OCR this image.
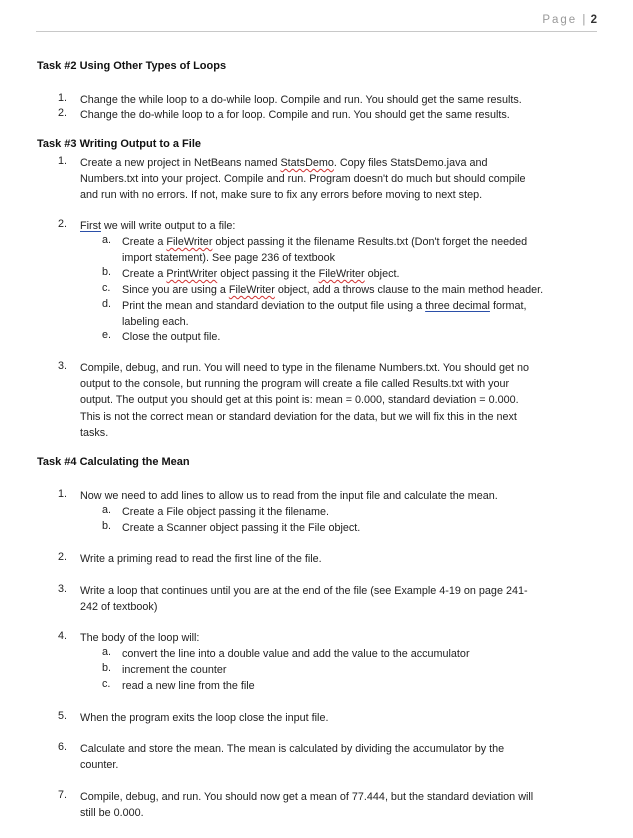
Page | 2
Task #2 Using Other Types of Loops
1.	Change the while loop to a do-while loop. Compile and run. You should get the same results.
2.	Change the do-while loop to a for loop. Compile and run. You should get the same results.
Task #3 Writing Output to a File
1.	Create a new project in NetBeans named StatsDemo. Copy files StatsDemo.java and
Numbers.txt into your project. Compile and run. Program doesn't do much but should compile
and run with no errors. If not, make sure to fix any errors before moving to next step.
2.	First we will write output to a file:
a.	Create a FileWriter object passing it the filename Results.txt (Don't forget the needed
import statement). See page 236 of textbook
b.	Create a PrintWriter object passing it the FileWriter object.
c.	Since you are using a FileWriter object, add a throws clause to the main method header.
d.	Print the mean and standard deviation to the output file using a three decimal format,
labeling each.
e.	Close the output file.
3.	Compile, debug, and run. You will need to type in the filename Numbers.txt. You should get no
output to the console, but running the program will create a file called Results.txt with your
output. The output you should get at this point is: mean = 0.000, standard deviation = 0.000.
This is not the correct mean or standard deviation for the data, but we will fix this in the next
tasks.
Task #4 Calculating the Mean
1.	Now we need to add lines to allow us to read from the input file and calculate the mean.
a.	Create a File object passing it the filename.
b.	Create a Scanner object passing it the File object.
2.	Write a priming read to read the first line of the file.
3.	Write a loop that continues until you are at the end of the file (see Example 4-19 on page 241-
242 of textbook)
4.	The body of the loop will:
a.	convert the line into a double value and add the value to the accumulator
b.	increment the counter
c.	read a new line from the file
5.	When the program exits the loop close the input file.
6.	Calculate and store the mean. The mean is calculated by dividing the accumulator by the
counter.
7.	Compile, debug, and run. You should now get a mean of 77.444, but the standard deviation will
still be 0.000.
